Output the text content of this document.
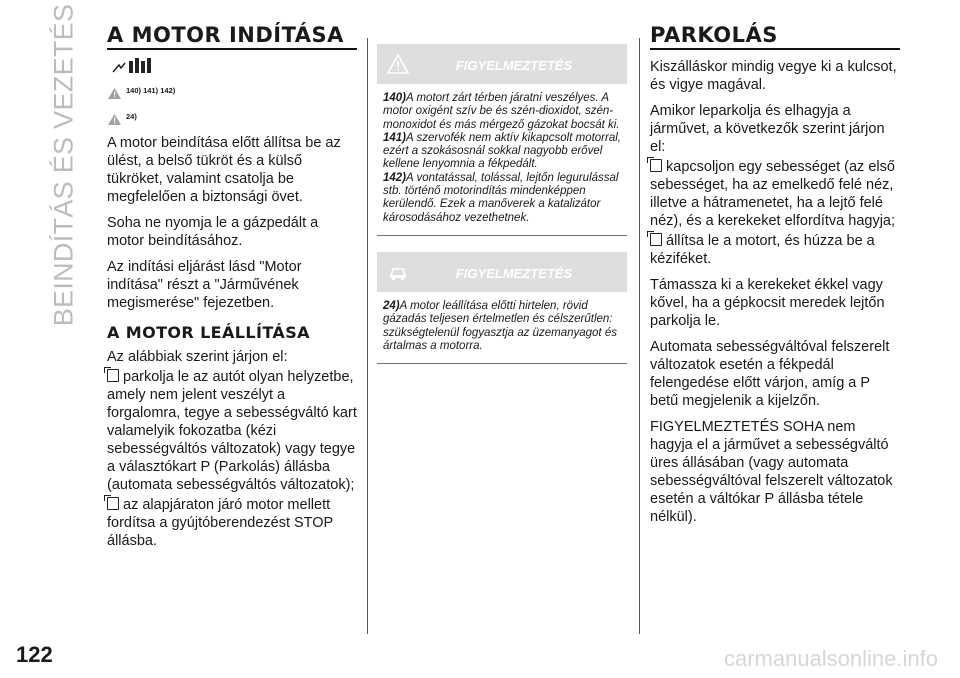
BEINDÍTÁS ÉS VEZETÉS
122	carmanualsonline.info
A MOTOR INDÍTÁSA
140) 141) 142)
24)

A motor beindítása előtt állítsa be az ülést, a belső tükröt és a külső tükröket, valamint csatolja be megfelelően a biztonsági övet.

Soha ne nyomja le a gázpedált a motor beindításához.

Az indítási eljárást lásd "Motor indítása" részt a "Járművének megismerése" fejezetben.

A MOTOR LEÁLLÍTÁSA

Az alábbiak szerint járjon el:

parkolja le az autót olyan helyzetbe, amely nem jelent veszélyt a forgalomra, tegye a sebességváltó kart valamelyik fokozatba (kézi sebességváltós változatok) vagy tegye a választókart P (Parkolás) állásba (automata sebességváltós változatok);

az alapjáraton járó motor mellett fordítsa a gyújtóberendezést STOP állásba.

FIGYELMEZTETÉS
140)A motort zárt térben járatni veszélyes. A motor oxigént szív be és szén-dioxidot, szén-monoxidot és más mérgező gázokat bocsát ki.
141)A szervofék nem aktív kikapcsolt motorral, ezért a szokásosnál sokkal nagyobb erővel kellene lenyomnia a fékpedált.
142)A vontatással, tolással, lejtőn legurulással stb. történő motorindítás mindenképpen kerülendő. Ezek a manőverek a katalizátor károsodásához vezethetnek.
FIGYELMEZTETÉS
24)A motor leállítása előtti hirtelen, rövid gázadás teljesen értelmetlen és célszerűtlen: szükségtelenül fogyasztja az üzemanyagot és ártalmas a motorra.
PARKOLÁS

Kiszálláskor mindig vegye ki a kulcsot, és vigye magával.

Amikor leparkolja és elhagyja a járművet, a következők szerint járjon el:

kapcsoljon egy sebességet (az első sebességet, ha az emelkedő felé néz, illetve a hátramenetet, ha a lejtő felé néz), és a kerekeket elfordítva hagyja;

állítsa le a motort, és húzza be a kéziféket.

Támassza ki a kerekeket ékkel vagy kővel, ha a gépkocsit meredek lejtőn parkolja le.

Automata sebességváltóval felszerelt változatok esetén a fékpedál felengedése előtt várjon, amíg a P betű megjelenik a kijelzőn.

FIGYELMEZTETÉS SOHA nem hagyja el a járművet a sebességváltó üres állásában (vagy automata sebességváltóval felszerelt változatok esetén a váltókar P állásba tétele nélkül).
